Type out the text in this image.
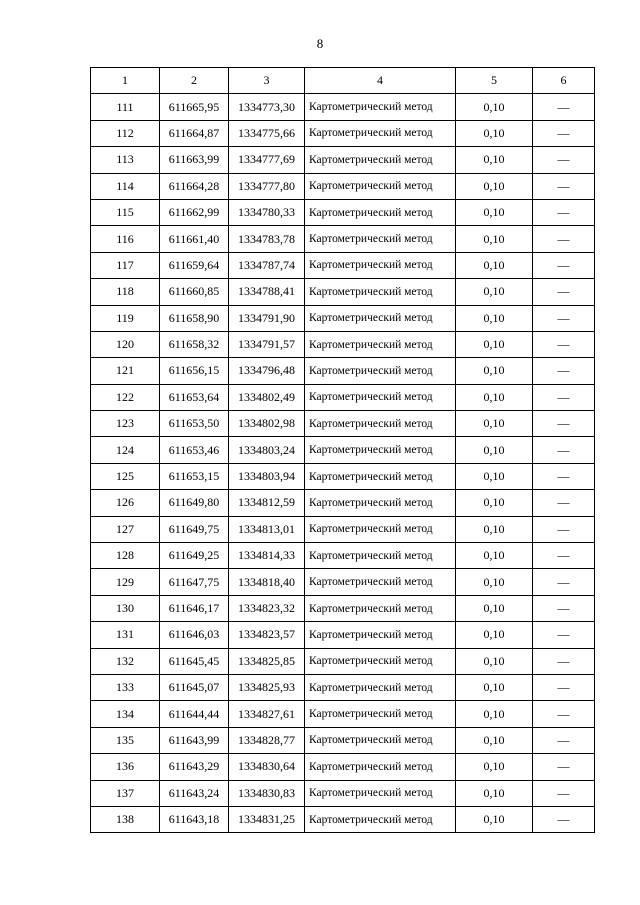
8
1	2	3	4	5	6
111	611665,95	1334773,30	Картометрический метод	0,10	—
112	611664,87	1334775,66	Картометрический метод	0,10	—
113	611663,99	1334777,69	Картометрический метод	0,10	—
114	611664,28	1334777,80	Картометрический метод	0,10	—
115	611662,99	1334780,33	Картометрический метод	0,10	—
116	611661,40	1334783,78	Картометрический метод	0,10	—
117	611659,64	1334787,74	Картометрический метод	0,10	—
118	611660,85	1334788,41	Картометрический метод	0,10	—
119	611658,90	1334791,90	Картометрический метод	0,10	—
120	611658,32	1334791,57	Картометрический метод	0,10	—
121	611656,15	1334796,48	Картометрический метод	0,10	—
122	611653,64	1334802,49	Картометрический метод	0,10	—
123	611653,50	1334802,98	Картометрический метод	0,10	—
124	611653,46	1334803,24	Картометрический метод	0,10	—
125	611653,15	1334803,94	Картометрический метод	0,10	—
126	611649,80	1334812,59	Картометрический метод	0,10	—
127	611649,75	1334813,01	Картометрический метод	0,10	—
128	611649,25	1334814,33	Картометрический метод	0,10	—
129	611647,75	1334818,40	Картометрический метод	0,10	—
130	611646,17	1334823,32	Картометрический метод	0,10	—
131	611646,03	1334823,57	Картометрический метод	0,10	—
132	611645,45	1334825,85	Картометрический метод	0,10	—
133	611645,07	1334825,93	Картометрический метод	0,10	—
134	611644,44	1334827,61	Картометрический метод	0,10	—
135	611643,99	1334828,77	Картометрический метод	0,10	—
136	611643,29	1334830,64	Картометрический метод	0,10	—
137	611643,24	1334830,83	Картометрический метод	0,10	—
138	611643,18	1334831,25	Картометрический метод	0,10	—
